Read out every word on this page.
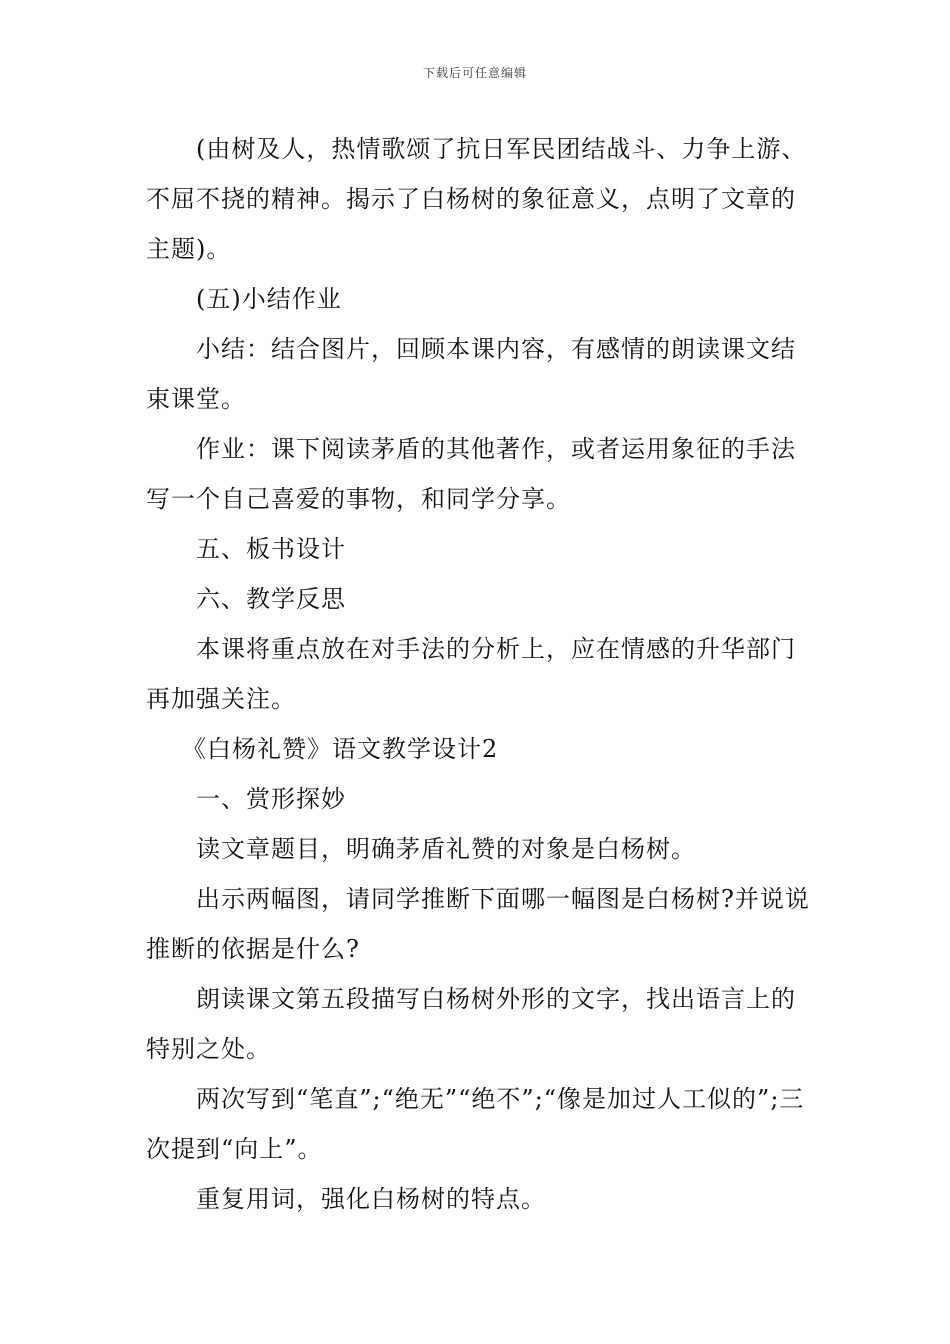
下载后可任意编辑

(由树及人，热情歌颂了抗日军民团结战斗、力争上游、不屈不挠的精神。揭示了白杨树的象征意义，点明了文章的主题)。

(五)小结作业

小结：结合图片，回顾本课内容，有感情的朗读课文结束课堂。

作业：课下阅读茅盾的其他著作，或者运用象征的手法写一个自己喜爱的事物，和同学分享。

五、板书设计

六、教学反思

本课将重点放在对手法的分析上，应在情感的升华部门再加强关注。

《白杨礼赞》语文教学设计2

一、赏形探妙

读文章题目，明确茅盾礼赞的对象是白杨树。

出示两幅图，请同学推断下面哪一幅图是白杨树?并说说推断的依据是什么?

朗读课文第五段描写白杨树外形的文字，找出语言上的特别之处。

两次写到“笔直”;“绝无”“绝不”;“像是加过人工似的”;三次提到“向上”。

重复用词，强化白杨树的特点。
